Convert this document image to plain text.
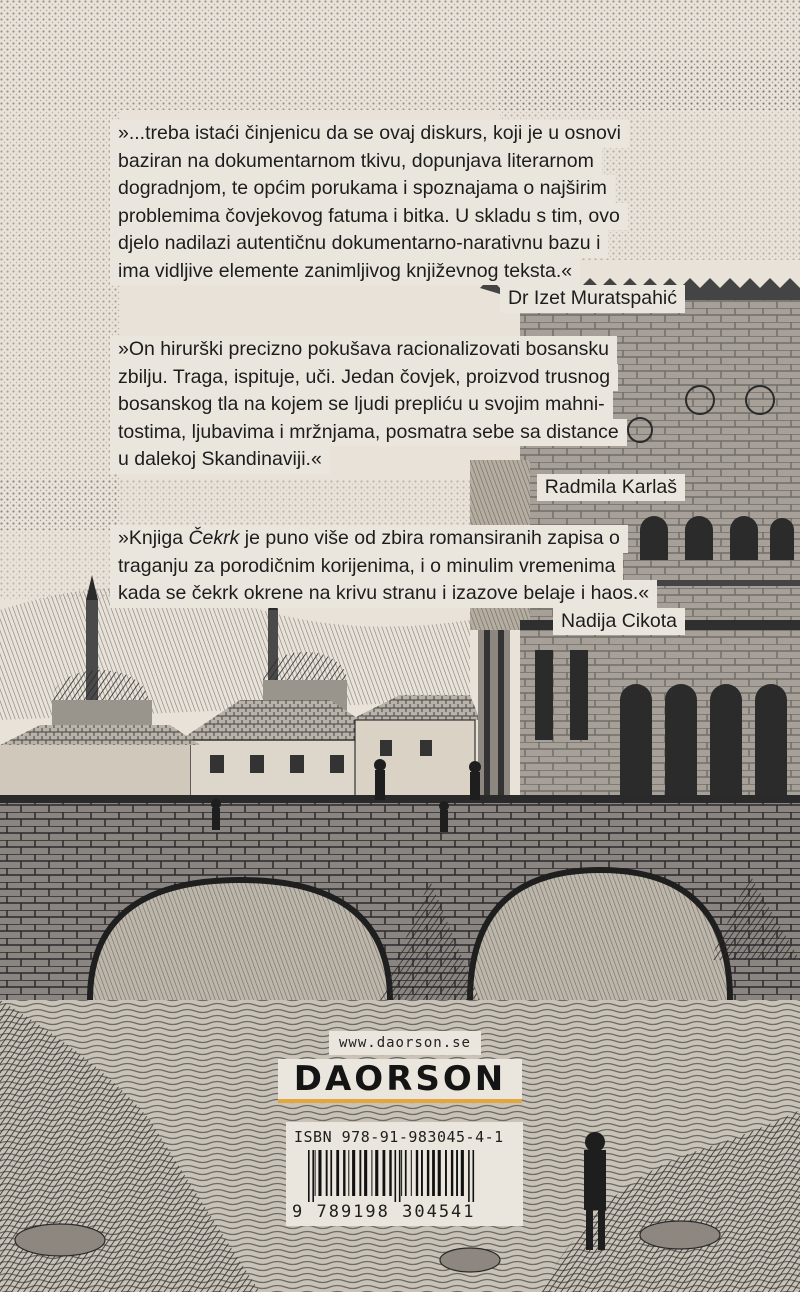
»...treba istaći činjenicu da se ovaj diskurs, koji je u osnovi
baziran na dokumentarnom tkivu, dopunjava literarnom
dogradnjom, te općim porukama i spoznajama o najširim
problemima čovjekovog fatuma i bitka. U skladu s tim, ovo
djelo nadilazi autentičnu dokumentarno-narativnu bazu i
ima vidljive elemente zanimljivog književnog teksta.«
Dr Izet Muratspahić
»On hirurški precizno pokušava racionalizovati bosansku
zbilju. Traga, ispituje, uči. Jedan čovjek, proizvod trusnog
bosanskog tla na kojem se ljudi prepliću u svojim mahni-
tostima, ljubavima i mržnjama, posmatra sebe sa distance
u dalekoj Skandinaviji.«
Radmila Karlaš
»Knjiga Čekrk je puno više od zbira romansiranih zapisa o
traganju za porodičnim korijenima, i o minulim vremenima
kada se čekrk okrene na krivu stranu i izazove belaje i haos.«
Nadija Cikota
www.daorson.se
DAORSON
ISBN 978-91-983045-4-1
9 789198 304541
